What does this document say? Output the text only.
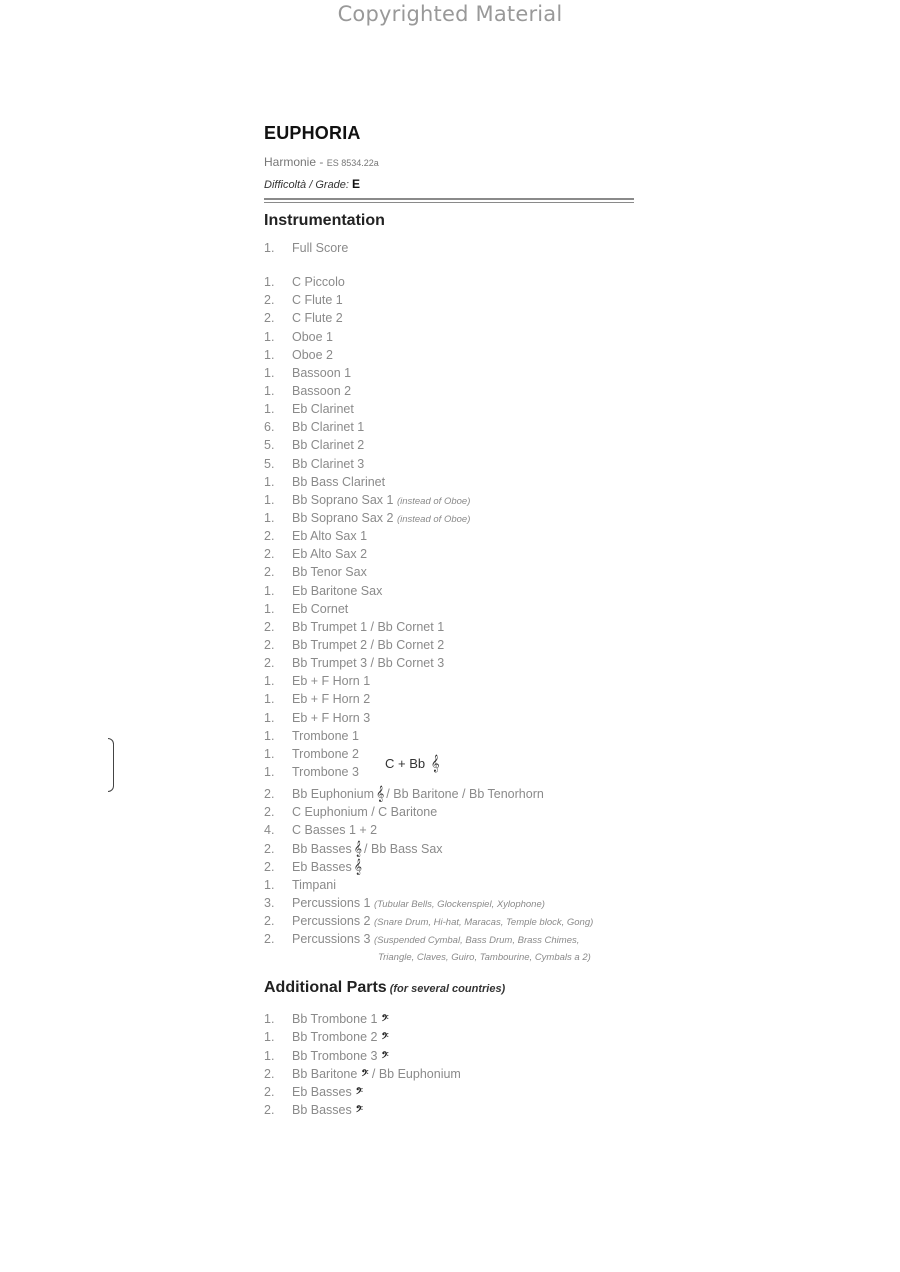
Copyrighted Material
EUPHORIA
Harmonie - ES 8534.22a
Difficoltà / Grade: E
Instrumentation
1. Full Score
1. C Piccolo
2. C Flute 1
2. C Flute 2
1. Oboe 1
1. Oboe 2
1. Bassoon 1
1. Bassoon 2
1. Eb Clarinet
6. Bb Clarinet 1
5. Bb Clarinet 2
5. Bb Clarinet 3
1. Bb Bass Clarinet
1. Bb Soprano Sax 1 (instead of Oboe)
1. Bb Soprano Sax 2 (instead of Oboe)
2. Eb Alto Sax 1
2. Eb Alto Sax 2
2. Bb Tenor Sax
1. Eb Baritone Sax
1. Eb Cornet
2. Bb Trumpet 1 / Bb Cornet 1
2. Bb Trumpet 2 / Bb Cornet 2
2. Bb Trumpet 3 / Bb Cornet 3
1. Eb + F Horn 1
1. Eb + F Horn 2
1. Eb + F Horn 3
1. Trombone 1
1. Trombone 2
1. Trombone 3
2. Bb Euphonium 𝄞 / Bb Baritone / Bb Tenorhorn
2. C Euphonium / C Baritone
4. C Basses 1 + 2
2. Bb Basses 𝄞 / Bb Bass Sax
2. Eb Basses 𝄞
1. Timpani
3. Percussions 1 (Tubular Bells, Glockenspiel, Xylophone)
2. Percussions 2 (Snare Drum, Hi-hat, Maracas, Temple block, Gong)
2. Percussions 3 (Suspended Cymbal, Bass Drum, Brass Chimes,
Triangle, Claves, Guiro, Tambourine, Cymbals a 2)
Additional Parts (for several countries)
1. Bb Trombone 1 𝄢
1. Bb Trombone 2 𝄢
1. Bb Trombone 3 𝄢
2. Bb Baritone 𝄢 / Bb Euphonium
2. Eb Basses 𝄢
2. Bb Basses 𝄢
C + Bb 𝄞
